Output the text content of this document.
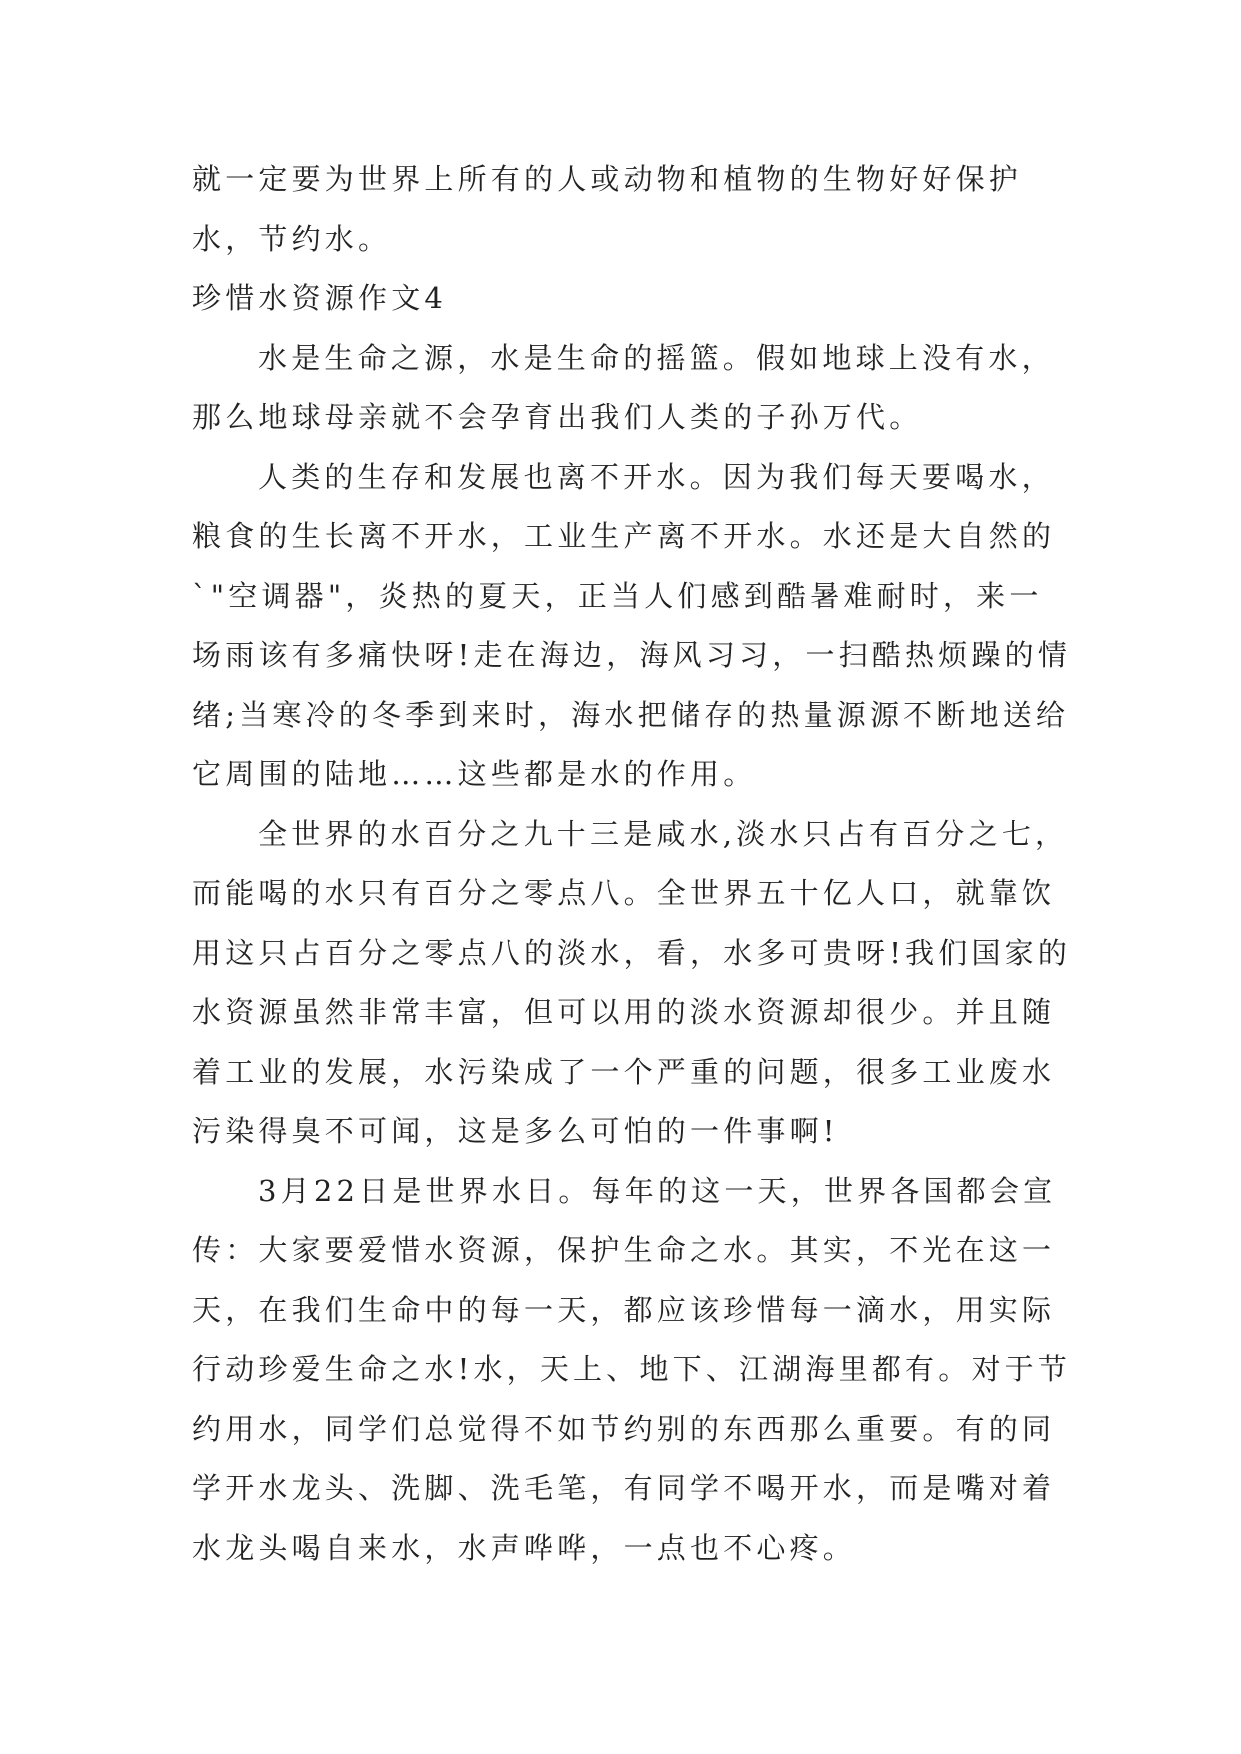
就一定要为世界上所有的人或动物和植物的生物好好保护水，节约水。

珍惜水资源作文4

水是生命之源，水是生命的摇篮。假如地球上没有水，那么地球母亲就不会孕育出我们人类的子孙万代。

人类的生存和发展也离不开水。因为我们每天要喝水，粮食的生长离不开水，工业生产离不开水。水还是大自然的`"空调器"，炎热的夏天，正当人们感到酷暑难耐时，来一场雨该有多痛快呀!走在海边，海风习习，一扫酷热烦躁的情绪;当寒冷的冬季到来时，海水把储存的热量源源不断地送给它周围的陆地……这些都是水的作用。

全世界的水百分之九十三是咸水,淡水只占有百分之七，而能喝的水只有百分之零点八。全世界五十亿人口，就靠饮用这只占百分之零点八的淡水，看，水多可贵呀!我们国家的水资源虽然非常丰富，但可以用的淡水资源却很少。并且随着工业的发展，水污染成了一个严重的问题，很多工业废水污染得臭不可闻，这是多么可怕的一件事啊!

3月22日是世界水日。每年的这一天，世界各国都会宣传：大家要爱惜水资源，保护生命之水。其实，不光在这一天，在我们生命中的每一天，都应该珍惜每一滴水，用实际行动珍爱生命之水!水，天上、地下、江湖海里都有。对于节约用水，同学们总觉得不如节约别的东西那么重要。有的同学开水龙头、洗脚、洗毛笔，有同学不喝开水，而是嘴对着水龙头喝自来水，水声哗哗，一点也不心疼。
